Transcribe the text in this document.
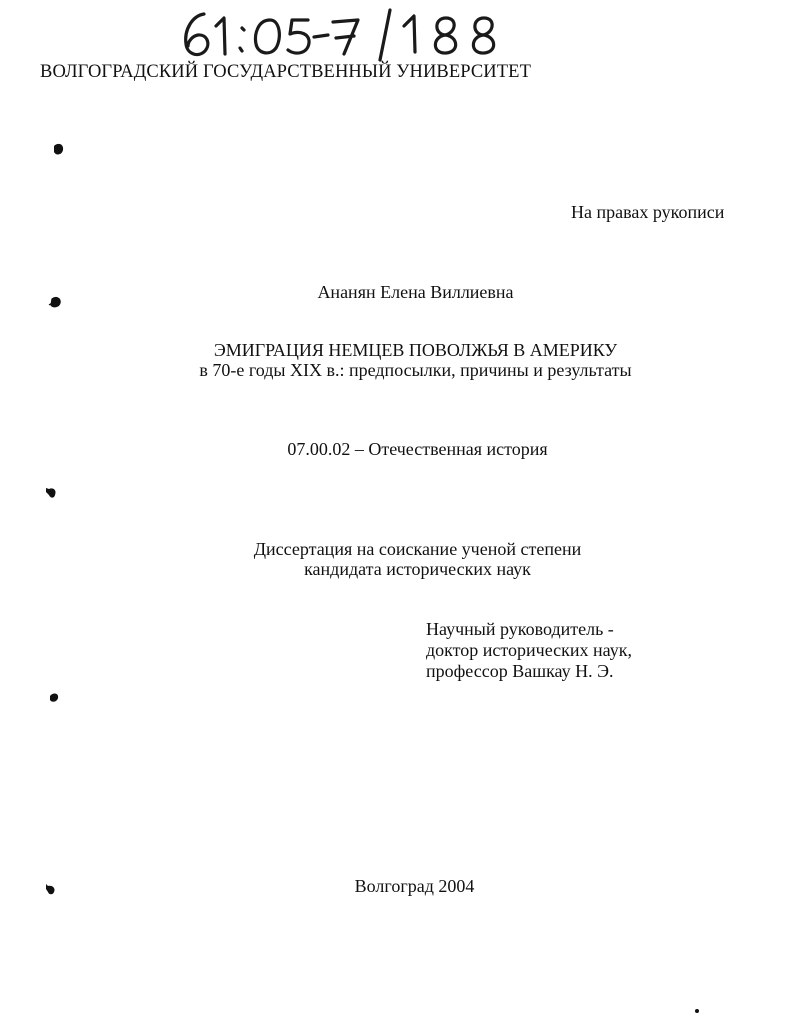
ВОЛГОГРАДСКИЙ ГОСУДАРСТВЕННЫЙ УНИВЕРСИТЕТ
На правах рукописи
Ананян Елена Виллиевна
ЭМИГРАЦИЯ НЕМЦЕВ ПОВОЛЖЬЯ В АМЕРИКУ
в 70-е годы XIX в.: предпосылки, причины и результаты
07.00.02 – Отечественная история
Диссертация на соискание ученой степени
кандидата исторических наук
Научный руководитель -
доктор исторических наук,
профессор Вашкау Н. Э.
Волгоград 2004
